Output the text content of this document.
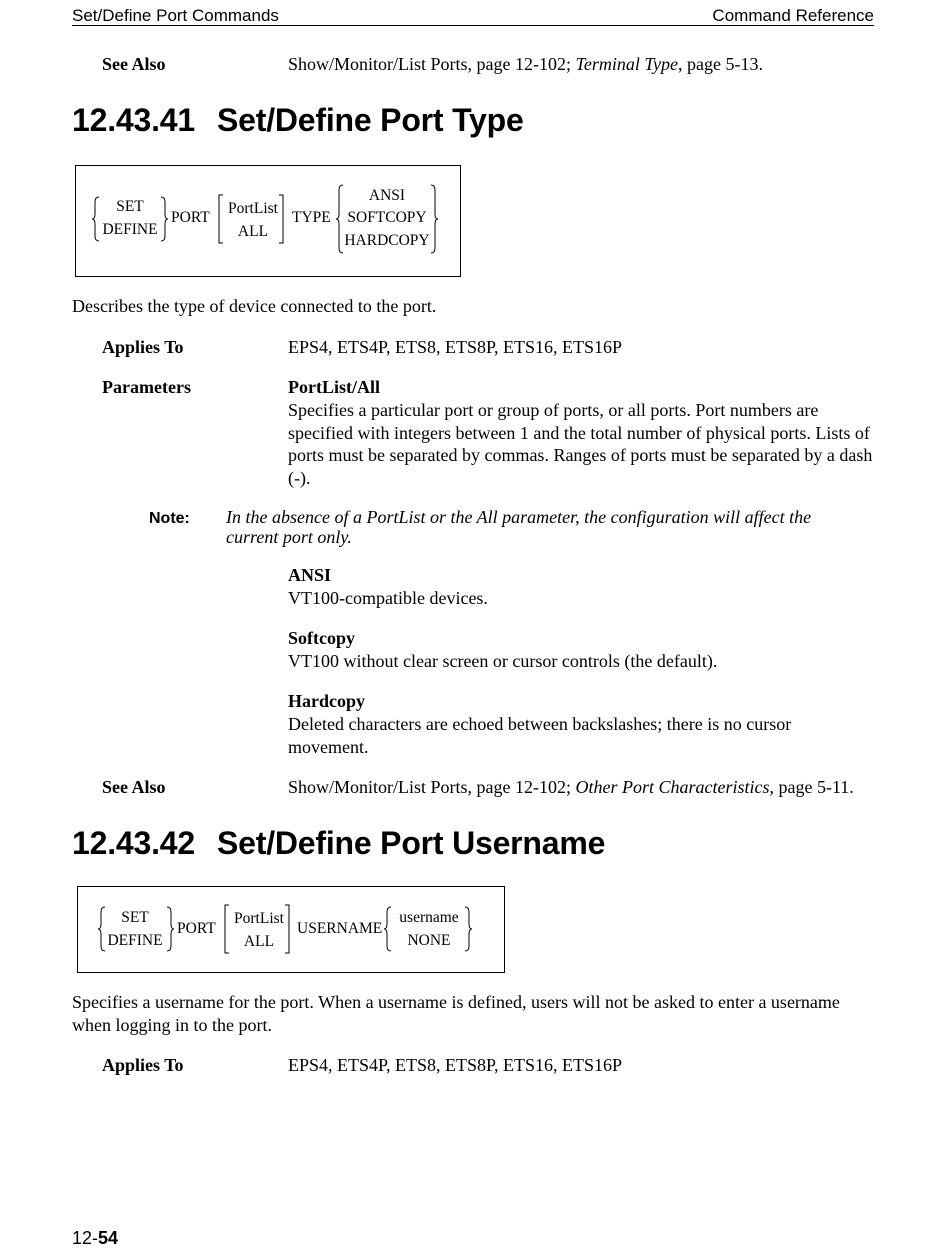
Set/Define Port Commands	Command Reference
See Also	Show/Monitor/List Ports, page 12-102; Terminal Type, page 5-13.
12.43.41 Set/Define Port Type
SET
DEFINE
PORT
PortList
ALL
TYPE
ANSI
SOFTCOPY
HARDCOPY
Describes the type of device connected to the port.
Applies To	EPS4, ETS4P, ETS8, ETS8P, ETS16, ETS16P
Parameters	PortList/All
Specifies a particular port or group of ports, or all ports. Port numbers are specified with integers between 1 and the total number of physical ports. Lists of ports must be separated by commas. Ranges of ports must be separated by a dash (-).
Note: In the absence of a PortList or the All parameter, the configuration will affect the current port only.
ANSI
VT100-compatible devices.
Softcopy
VT100 without clear screen or cursor controls (the default).
Hardcopy
Deleted characters are echoed between backslashes; there is no cursor movement.
See Also	Show/Monitor/List Ports, page 12-102; Other Port Characteristics, page 5-11.
12.43.42 Set/Define Port Username
SET
DEFINE
PORT
PortList
ALL
USERNAME
username
NONE
Specifies a username for the port. When a username is defined, users will not be asked to enter a username when logging in to the port.
Applies To	EPS4, ETS4P, ETS8, ETS8P, ETS16, ETS16P
12-54
